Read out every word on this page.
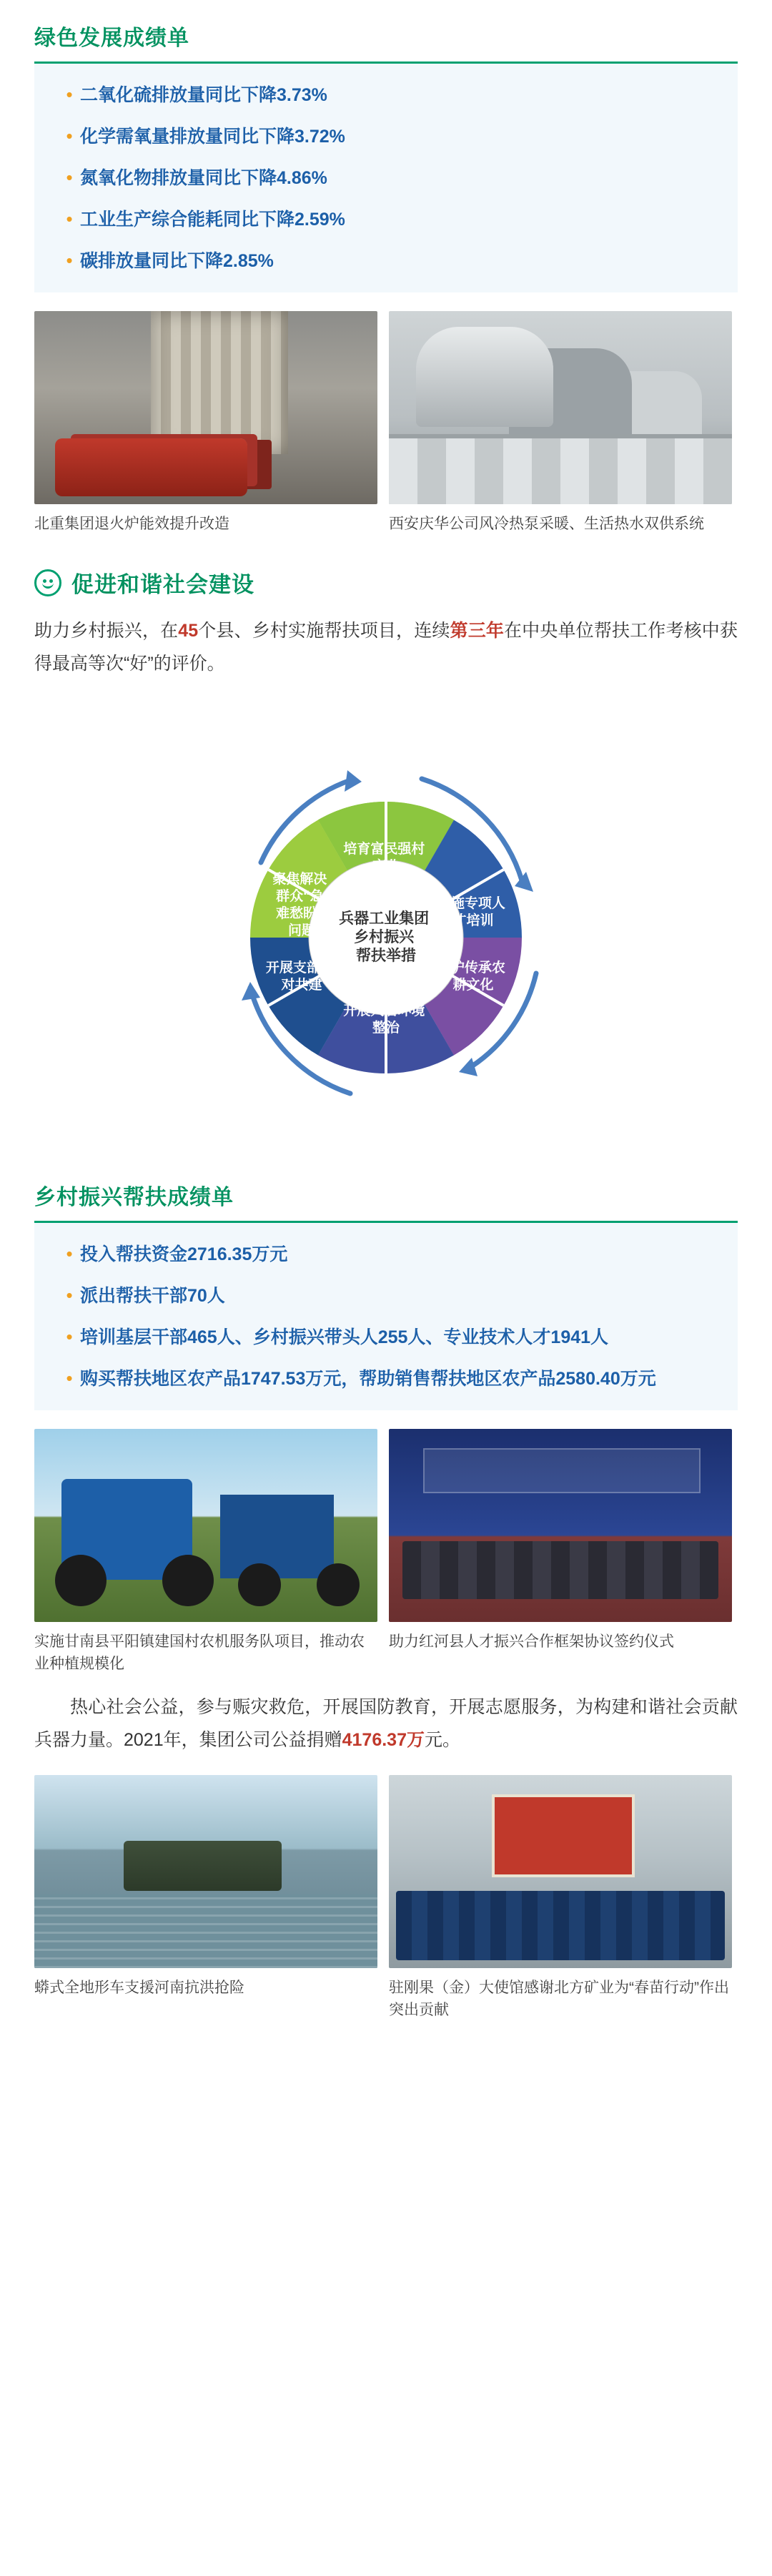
绿色发展成绩单
• 二氧化硫排放量同比下降3.73%
• 化学需氧量排放量同比下降3.72%
• 氮氧化物排放量同比下降4.86%
• 工业生产综合能耗同比下降2.59%
• 碳排放量同比下降2.85%
北重集团退火炉能效提升改造	西安庆华公司风冷热泵采暖、生活热水双供系统
促进和谐社会建设
助力乡村振兴，在45个县、乡村实施帮扶项目，连续第三年在中央单位帮扶工作考核中获得最高等次“好”的评价。
培育富民强村 产业
实施专项人 才培训
保护传承农 耕文化
开展人居环境 整治
开展支部结 对共建
聚焦解决 群众“急 难愁盼” 问题
兵器工业集团 乡村振兴 帮扶举措
乡村振兴帮扶成绩单
• 投入帮扶资金2716.35万元
• 派出帮扶干部70人
• 培训基层干部465人、乡村振兴带头人255人、专业技术人才1941人
• 购买帮扶地区农产品1747.53万元，帮助销售帮扶地区农产品2580.40万元
实施甘南县平阳镇建国村农机服务队项目，推动农业种植规模化
助力红河县人才振兴合作框架协议签约仪式
热心社会公益，参与赈灾救危，开展国防教育，开展志愿服务，为构建和谐社会贡献兵器力量。2021年，集团公司公益捐赠4176.37万元。
蟒式全地形车支援河南抗洪抢险	驻刚果（金）大使馆感谢北方矿业为“春苗行动”作出突出贡献
